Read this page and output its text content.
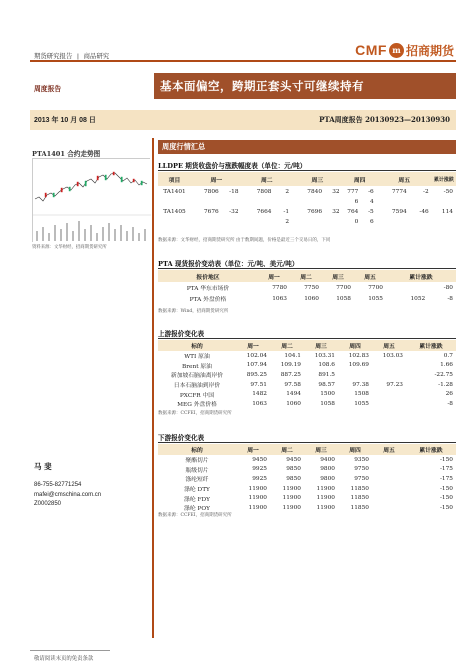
期货研究报告 | 商品研究	CMF m 招商期货
周度报告	基本面偏空，跨期正套头寸可继续持有
2013 年 10 月 08 日	PTA周度报告 20130923—20130930
PTA1401 合约走势图
资料来源：文华财经，招商期货研究所
马 斐
86-755-82771254
mafei@cmschina.com.cn
Z0002850
周度行情汇总
LLDPE 期货收盘价与涨跌幅度表（单位：元/吨）
项目	周一		周二		周三		周四		周五		累计涨跌
TA1401	7806	-18	7808	2	7840	32	777	-6	7774	-2	-50
							6	4			
TA1405	7676	-32	7664	-1	7696	32	764	-5	7594	-46	114
				2			0	6			
数据来源：文华财经，招商期货研究所 由于数期间题，价格是最近三个交易日的，下同
PTA 现货报价变动表（单位：元/吨、美元/吨）
报价地区	周一	周二	周三	周五	累计涨跌
PTA 华东市场价	7780	7750	7700	7700	-80
PTA 外盘价格	1063	1060	1058	1055	1052 -8
数据来源：Wind，招商期货研究所
上游报价变化表
标的	周一	周二	周三	周四	周五	累计涨跌
WTI 原油	102.04	104.1	103.31	102.83	103.03	0.7
Brent 原油	107.94	109.19	108.6	109.69		1.66
新加坡石脑油离岸价	895.25	887.25	891.5			-22.75
日本石脑油到岸价	97.51	97.58	98.57	97.38	97.23	-1.28
PXCFR 中国	1482	1494	1500	1508		26
MEG 外盘价格	1063	1060	1058	1055		-8
数据来源：CCFEI，招商期货研究所
下游报价变化表
标的	周一	周二	周三	周四	周五	累计涨跌
聚酯切片	9450	9450	9400	9350		-150
瓶级切片	9925	9850	9800	9750		-175
涤纶短纤	9925	9850	9800	9750		-175
涤纶 DTY	11900	11900	11900	11850		-150
涤纶 FDY	11900	11900	11900	11850		-150
涤纶 POY	11900	11900	11900	11850		-150
数据来源：CCFEI，招商期货研究所
敬请阅读末页的免责条款
